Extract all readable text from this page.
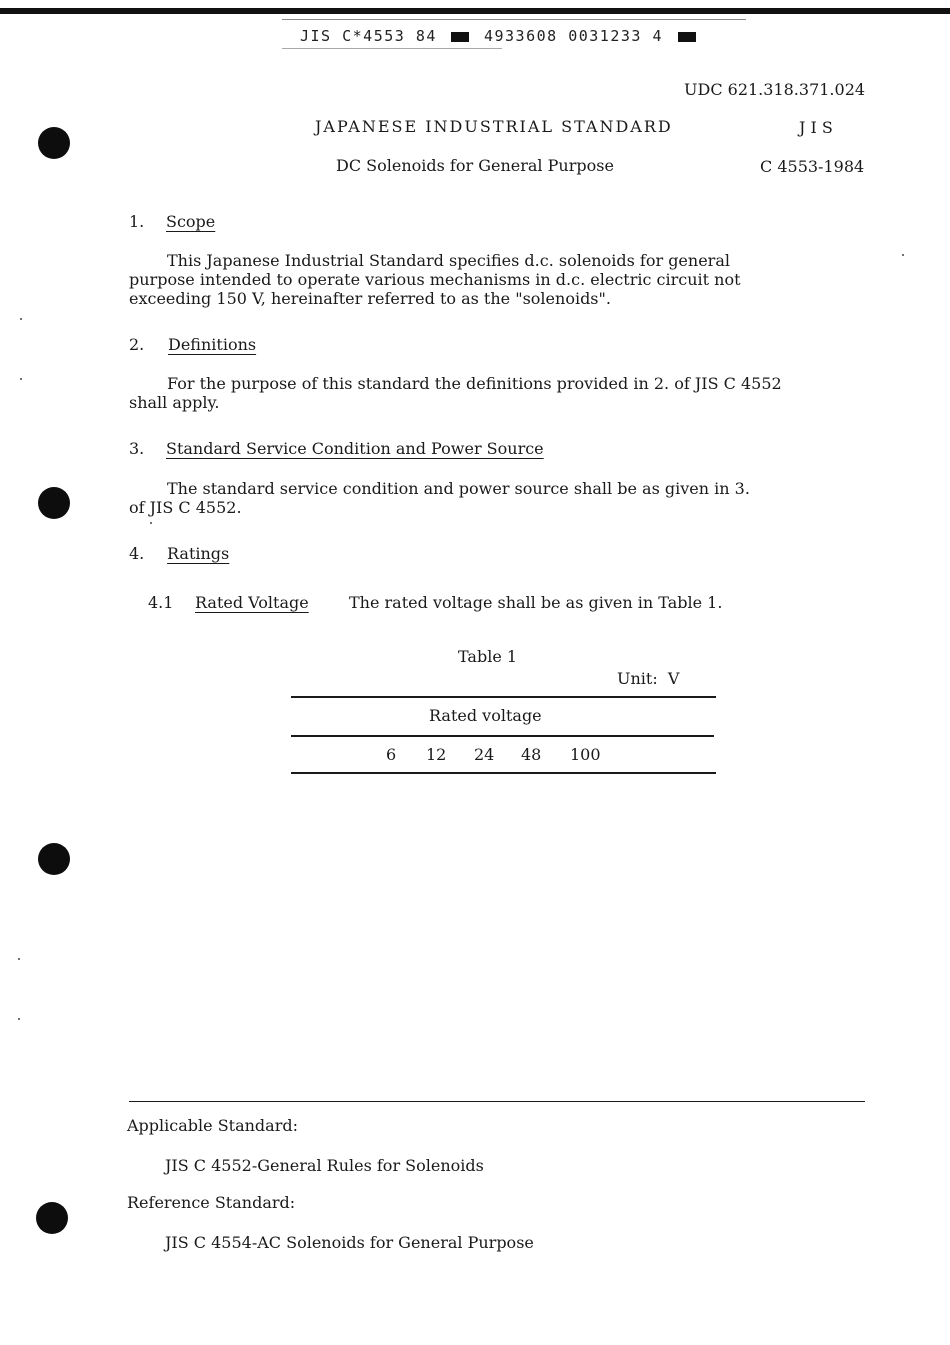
JIS C*4553 84	4933608 0031233 4
UDC 621.318.371.024
JAPANESE INDUSTRIAL STANDARD	J I S
DC Solenoids for General Purpose	C 4553-1984
1. Scope
This Japanese Industrial Standard specifies d.c. solenoids for general
purpose intended to operate various mechanisms in d.c. electric circuit not
exceeding 150 V, hereinafter referred to as the "solenoids".
2. Definitions
For the purpose of this standard the definitions provided in 2. of JIS C 4552
shall apply.
3. Standard Service Condition and Power Source
The standard service condition and power source shall be as given in 3.
of JIS C 4552.
4. Ratings
4.1 Rated Voltage	The rated voltage shall be as given in Table 1.
Table 1
Unit:  V
Rated voltage
6 12 24 48 100
Applicable Standard:
JIS C 4552-General Rules for Solenoids
Reference Standard:
JIS C 4554-AC Solenoids for General Purpose
